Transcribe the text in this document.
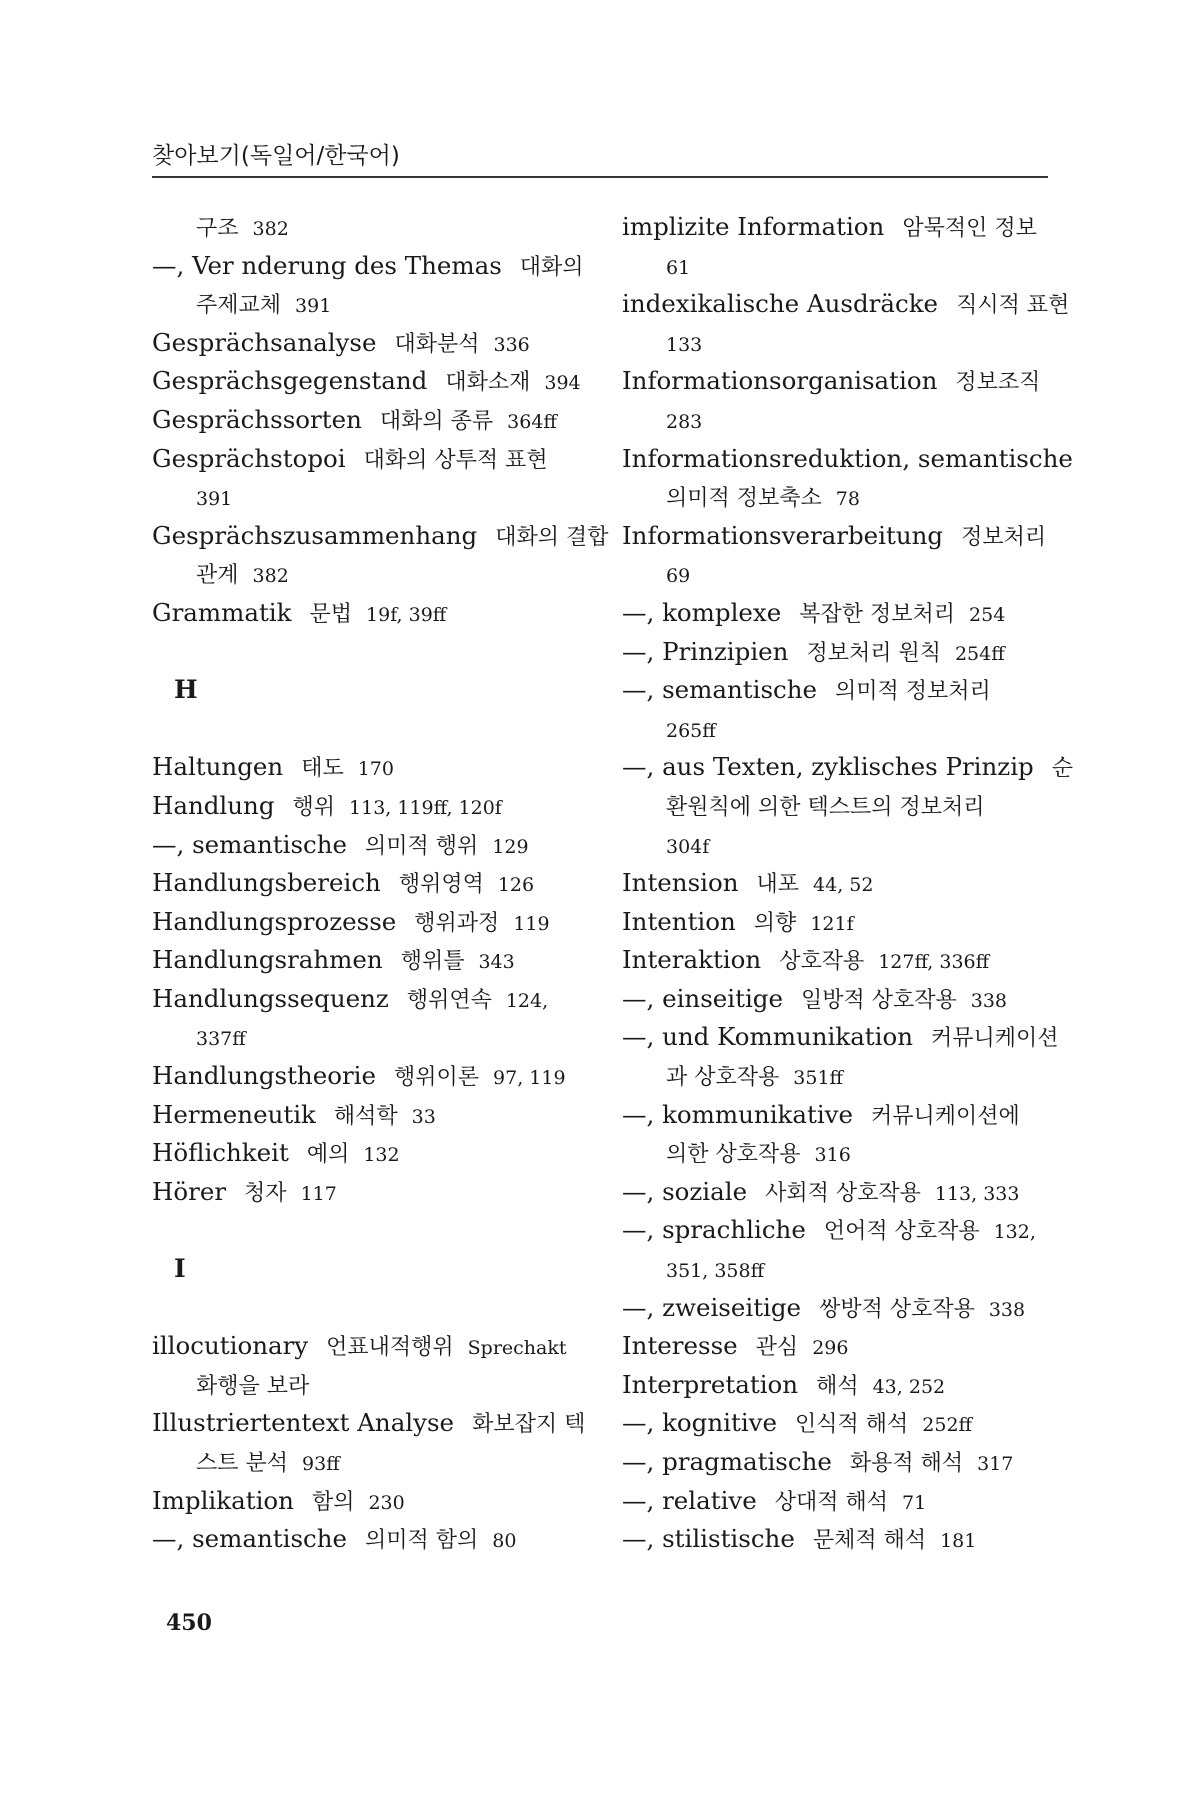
찾아보기(독일어/한국어)
구조 382
—, Ver nderung des Themas 대화의
주제교체 391
Gesprächsanalyse 대화분석 336
Gesprächsgegenstand 대화소재 394
Gesprächssorten 대화의 종류 364ff
Gesprächstopoi 대화의 상투적 표현
391
Gesprächszusammenhang 대화의 결합
관계 382
Grammatik 문법 19f, 39ff
H
Haltungen 태도 170
Handlung 행위 113, 119ff, 120f
—, semantische 의미적 행위 129
Handlungsbereich 행위영역 126
Handlungsprozesse 행위과정 119
Handlungsrahmen 행위틀 343
Handlungssequenz 행위연속 124,
337ff
Handlungstheorie 행위이론 97, 119
Hermeneutik 해석학 33
Höflichkeit 예의 132
Hörer 청자 117
I
illocutionary 언표내적행위 Sprechakt
화행을 보라
Illustriertentext Analyse 화보잡지 텍
스트 분석 93ff
Implikation 함의 230
—, semantische 의미적 함의 80
implizite Information 암묵적인 정보
61
indexikalische Ausdräcke 직시적 표현
133
Informationsorganisation 정보조직
283
Informationsreduktion, semantische
의미적 정보축소 78
Informationsverarbeitung 정보처리
69
—, komplexe 복잡한 정보처리 254
—, Prinzipien 정보처리 원칙 254ff
—, semantische 의미적 정보처리
265ff
—, aus Texten, zyklisches Prinzip 순
환원칙에 의한 텍스트의 정보처리
304f
Intension 내포 44, 52
Intention 의향 121f
Interaktion 상호작용 127ff, 336ff
—, einseitige 일방적 상호작용 338
—, und Kommunikation 커뮤니케이션
과 상호작용 351ff
—, kommunikative 커뮤니케이션에
의한 상호작용 316
—, soziale 사회적 상호작용 113, 333
—, sprachliche 언어적 상호작용 132,
351, 358ff
—, zweiseitige 쌍방적 상호작용 338
Interesse 관심 296
Interpretation 해석 43, 252
—, kognitive 인식적 해석 252ff
—, pragmatische 화용적 해석 317
—, relative 상대적 해석 71
—, stilistische 문체적 해석 181
450
